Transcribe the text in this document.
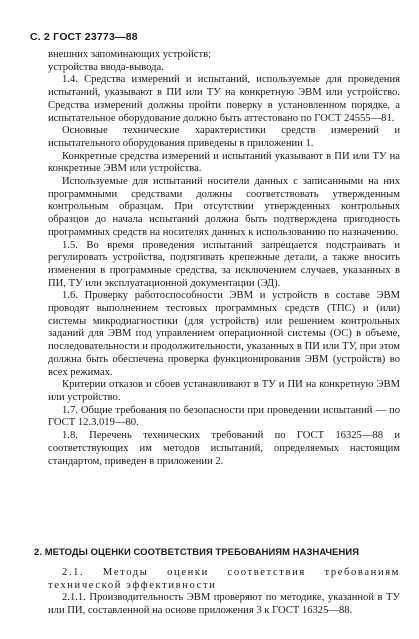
С. 2 ГОСТ 23773—88

внешних запоминающих устройств;

устройства ввода-вывода.

1.4. Средства измерений и испытаний, используемые для проведения испытаний, указывают в ПИ или ТУ на конкретную ЭВМ или устройство. Средства измерений должны пройти поверку в установленном порядке, а испытательное оборудование должно быть аттестовано по ГОСТ 24555—81.

Основные технические характеристики средств измерений и испытательного оборудования приведены в приложении 1.

Конкретные средства измерений и испытаний указывают в ПИ или ТУ на конкретные ЭВМ или устройства.

Используемые для испытаний носители данных с записанными на них программными средствами должны соответствовать утвержденным контрольным образцам. При отсутствии утвержденных контрольных образцов до начала испытаний должна быть подтверждена пригодность программных средств на носителях данных к использованию по назначению.

1.5. Во время проведения испытаний запрещается подстраивать и регулировать устройства, подтягивать крепежные детали, а также вносить изменения в программные средства, за исключением случаев, указанных в ПИ, ТУ или эксплуатационной документации (ЭД).

1.6. Проверку работоспособности ЭВМ и устройств в составе ЭВМ проводят выполнением тестовых программных средств (ТПС) и (или) системы микродиагностики (для устройств) или решением контрольных заданий для ЭВМ под управлением операционной системы (ОС) в объеме, последовательности и продолжительности, указанных в ПИ или ТУ, при этом должна быть обеспечена проверка функционирования ЭВМ (устройств) во всех режимах.

Критерии отказов и сбоев устанавливают в ТУ и ПИ на конкретную ЭВМ или устройство.

1.7. Общие требования по безопасности при проведении испытаний — по ГОСТ 12.3.019—80.

1.8. Перечень технических требований по ГОСТ 16325—88 и соответствующих им методов испытаний, определяемых настоящим стандартом, приведен в приложении 2.

2. МЕТОДЫ ОЦЕНКИ СООТВЕТСТВИЯ ТРЕБОВАНИЯМ НАЗНАЧЕНИЯ

2.1. Методы оценки соответствия требованиям технической эффективности

2.1.1. Производительность ЭВМ проверяют по методике, указанной в ТУ или ПИ, составленной на основе приложения 3 к ГОСТ 16325—88.
